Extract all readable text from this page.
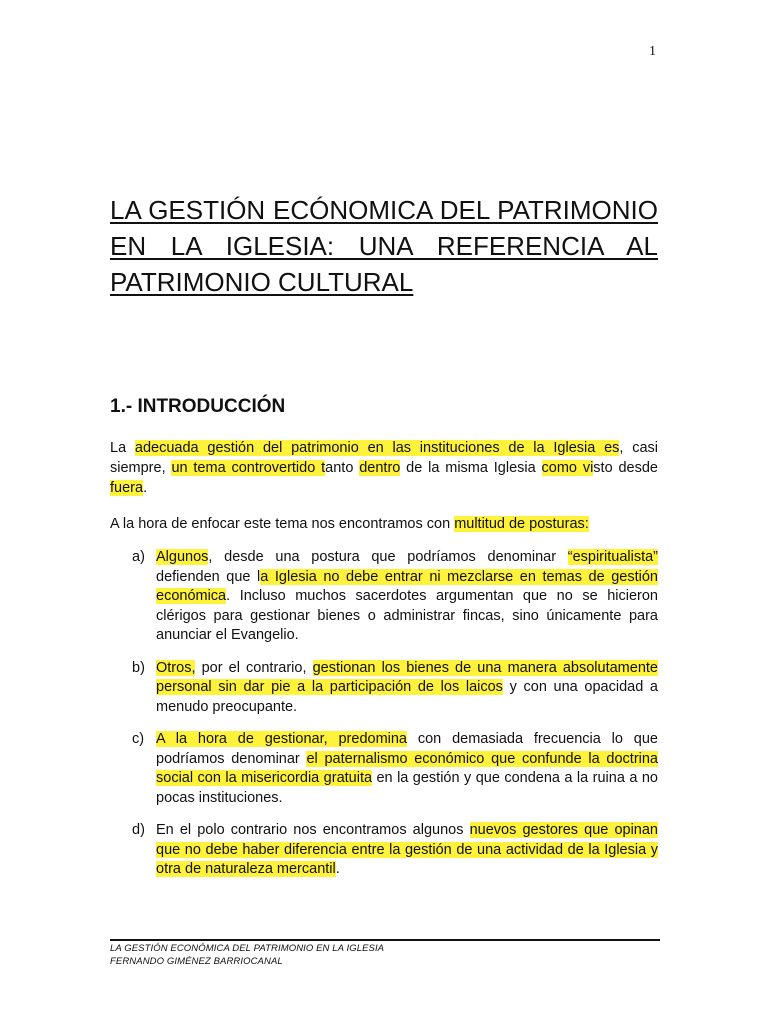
1
LA GESTIÓN ECÓNOMICA DEL PATRIMONIO EN LA IGLESIA: UNA REFERENCIA AL PATRIMONIO CULTURAL
1.- INTRODUCCIÓN

La adecuada gestión del patrimonio en las instituciones de la Iglesia es, casi siempre, un tema controvertido tanto dentro de la misma Iglesia como visto desde fuera.

A la hora de enfocar este tema nos encontramos con multitud de posturas:

a) Algunos, desde una postura que podríamos denominar “espiritualista” defienden que la Iglesia no debe entrar ni mezclarse en temas de gestión económica. Incluso muchos sacerdotes argumentan que no se hicieron clérigos para gestionar bienes o administrar fincas, sino únicamente para anunciar el Evangelio.
b) Otros, por el contrario, gestionan los bienes de una manera absolutamente personal sin dar pie a la participación de los laicos y con una opacidad a menudo preocupante.
c) A la hora de gestionar, predomina con demasiada frecuencia lo que podríamos denominar el paternalismo económico que confunde la doctrina social con la misericordia gratuita en la gestión y que condena a la ruina a no pocas instituciones.
d) En el polo contrario nos encontramos algunos nuevos gestores que opinan que no debe haber diferencia entre la gestión de una actividad de la Iglesia y otra de naturaleza mercantil.
LA GESTIÓN ECONÓMICA DEL PATRIMONIO EN LA IGLESIA
FERNANDO GIMÉNEZ BARRIOCANAL
